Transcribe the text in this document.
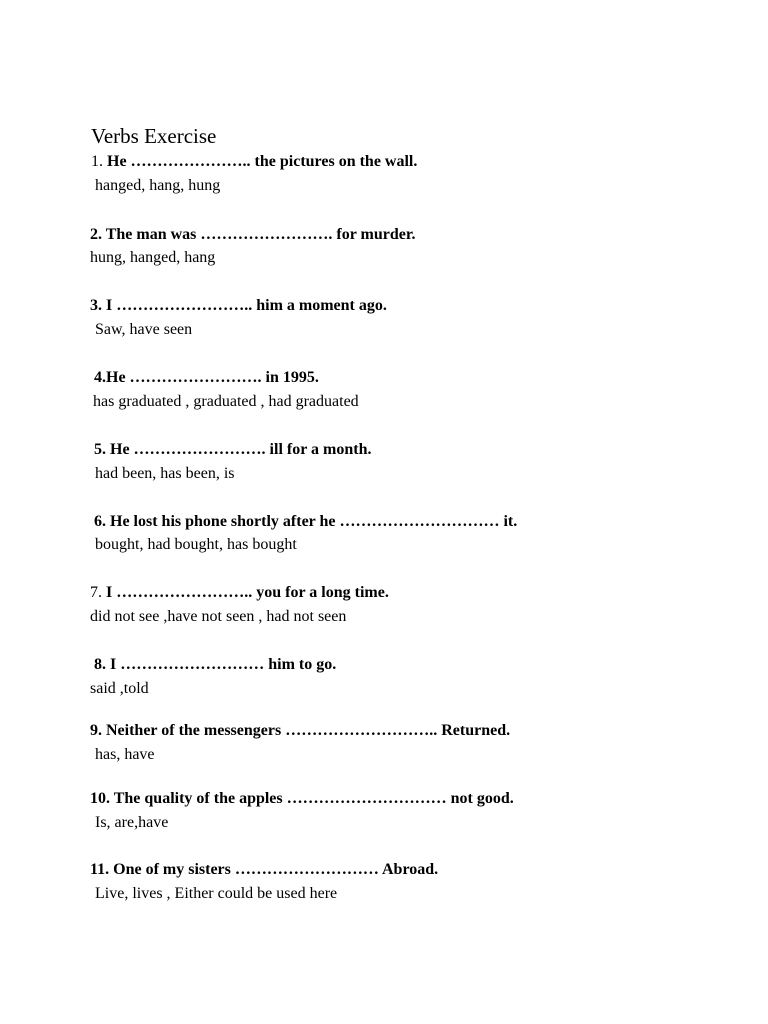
Verbs Exercise
1. He ………………….. the pictures on the wall.
hanged, hang, hung
2. The man was ……………………. for murder.
hung, hanged, hang
3. I …………………….. him a moment ago.
Saw, have seen
4.He ……………………. in 1995.
has graduated , graduated , had graduated
5. He ……………………. ill for a month.
had been, has been, is
6. He lost his phone shortly after he ………………………… it.
bought, had bought, has bought
7. I …………………….. you for a long time.
did not see ,have not seen , had not seen
8. I ……………………… him to go.
said ,told
9. Neither of the messengers ……………………….. Returned.
has, have
10. The quality of the apples ………………………… not good.
Is, are,have
11. One of my sisters ……………………… Abroad.
Live, lives , Either could be used here
